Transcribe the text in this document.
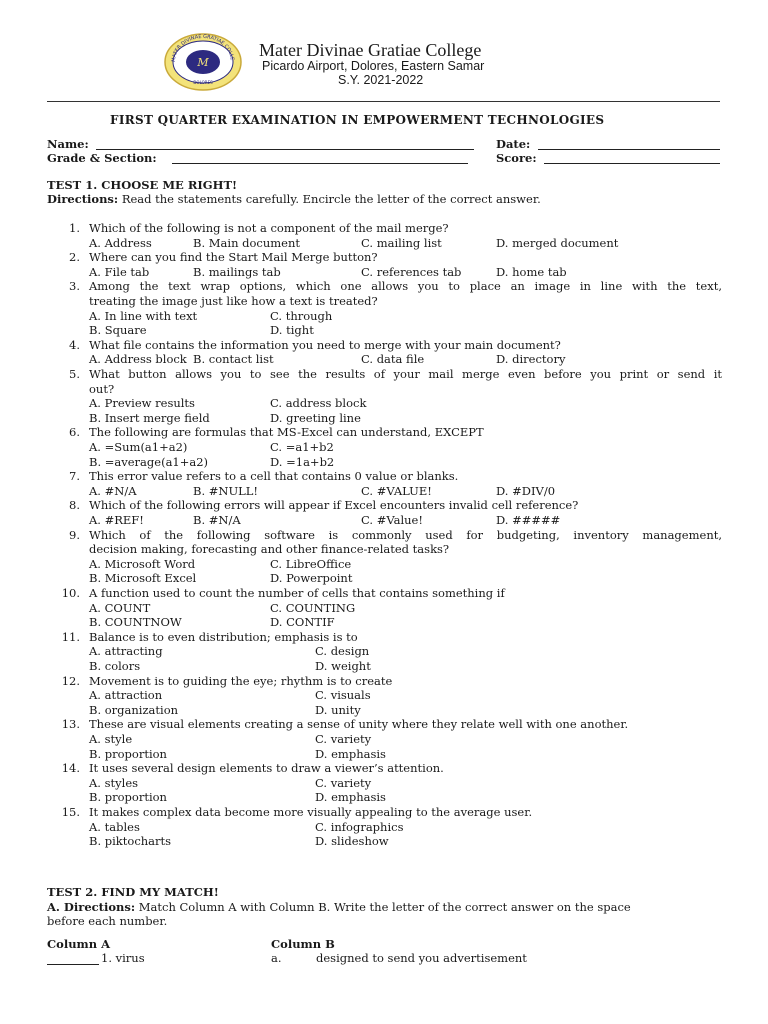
M
MATER DIVINAE GRATIAE COLLE
DOLORES
Mater Divinae Gratiae College
Picardo Airport, Dolores, Eastern Samar
S.Y. 2021-2022
FIRST QUARTER EXAMINATION IN EMPOWERMENT TECHNOLOGIES
Name:	Date:
Grade & Section:	Score:
TEST 1. CHOOSE ME RIGHT!
Directions: Read the statements carefully. Encircle the letter of the correct answer.
1. Which of the following is not a component of the mail merge?
A. Address	B. Main document	C. mailing list	D. merged document
2. Where can you find the Start Mail Merge button?
A. File tab	B. mailings tab	C. references tab	D. home tab
3. Among the text wrap options, which one allows you to place an image in line with the text,
treating the image just like how a text is treated?
A. In line with text	C. through
B. Square	D. tight
4. What file contains the information you need to merge with your main document?
A. Address block B. contact list	C. data file	D. directory
5. What button allows you to see the results of your mail merge even before you print or send it
out?
A. Preview results	C. address block
B. Insert merge field	D. greeting line
6. The following are formulas that MS-Excel can understand, EXCEPT
A. =Sum(a1+a2)	C. =a1+b2
B. =average(a1+a2)	D. =1a+b2
7. This error value refers to a cell that contains 0 value or blanks.
A. #N/A	B. #NULL!	C. #VALUE!	D. #DIV/0
8. Which of the following errors will appear if Excel encounters invalid cell reference?
A. #REF!	B. #N/A	C. #Value!	D. #####
9. Which of the following software is commonly used for budgeting, inventory management,
decision making, forecasting and other finance-related tasks?
A. Microsoft Word	C. LibreOffice
B. Microsoft Excel	D. Powerpoint
10. A function used to count the number of cells that contains something if
A. COUNT	C. COUNTING
B. COUNTNOW	D. CONTIF
11. Balance is to even distribution; emphasis is to
A. attracting	C. design
B. colors	D. weight
12. Movement is to guiding the eye; rhythm is to create
A. attraction	C. visuals
B. organization	D. unity
13. These are visual elements creating a sense of unity where they relate well with one another.
A. style	C. variety
B. proportion	D. emphasis
14. It uses several design elements to draw a viewer’s attention.
A. styles	C. variety
B. proportion	D. emphasis
15. It makes complex data become more visually appealing to the average user.
A. tables	C. infographics
B. piktocharts	D. slideshow
TEST 2. FIND MY MATCH!
A. Directions: Match Column A with Column B. Write the letter of the correct answer on the space
before each number.
Column A	Column B
1. virus	a.	designed to send you advertisement
